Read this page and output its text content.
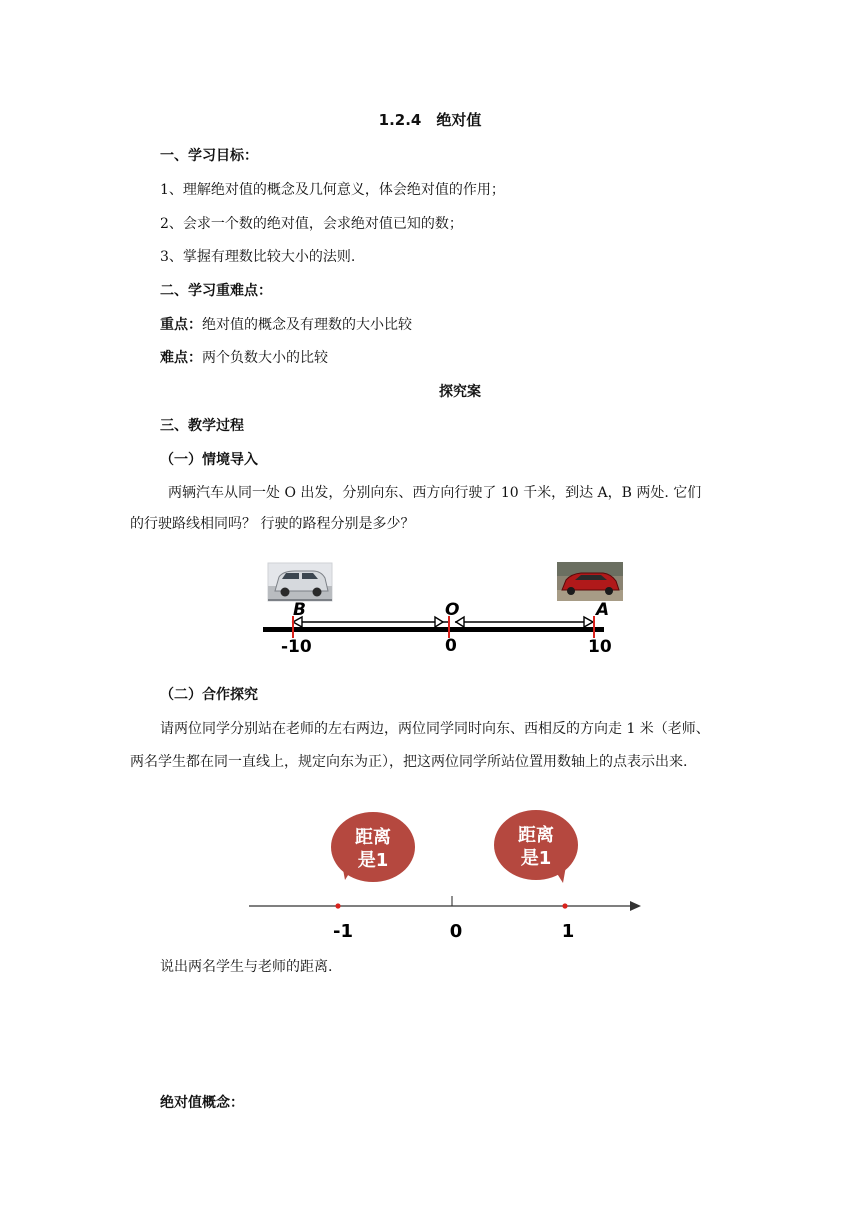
1.2.4　绝对值
一、学习目标：
1、理解绝对值的概念及几何意义，体会绝对值的作用；
2、会求一个数的绝对值，会求绝对值已知的数；
3、掌握有理数比较大小的法则.
二、学习重难点：
重点：绝对值的概念及有理数的大小比较
难点：两个负数大小的比较
探究案
三、教学过程
（一）情境导入
两辆汽车从同一处 O 出发，分别向东、西方向行驶了 10 千米，到达 A，B 两处. 它们
的行驶路线相同吗？ 行驶的路程分别是多少？
B	O	A
-10	0	10
（二）合作探究
请两位同学分别站在老师的左右两边，两位同学同时向东、西相反的方向走 1 米（老师、
两名学生都在同一直线上，规定向东为正），把这两位同学所站位置用数轴上的点表示出来.
距离
是1
距离
是1
-1	0	1
说出两名学生与老师的距离.
绝对值概念：
